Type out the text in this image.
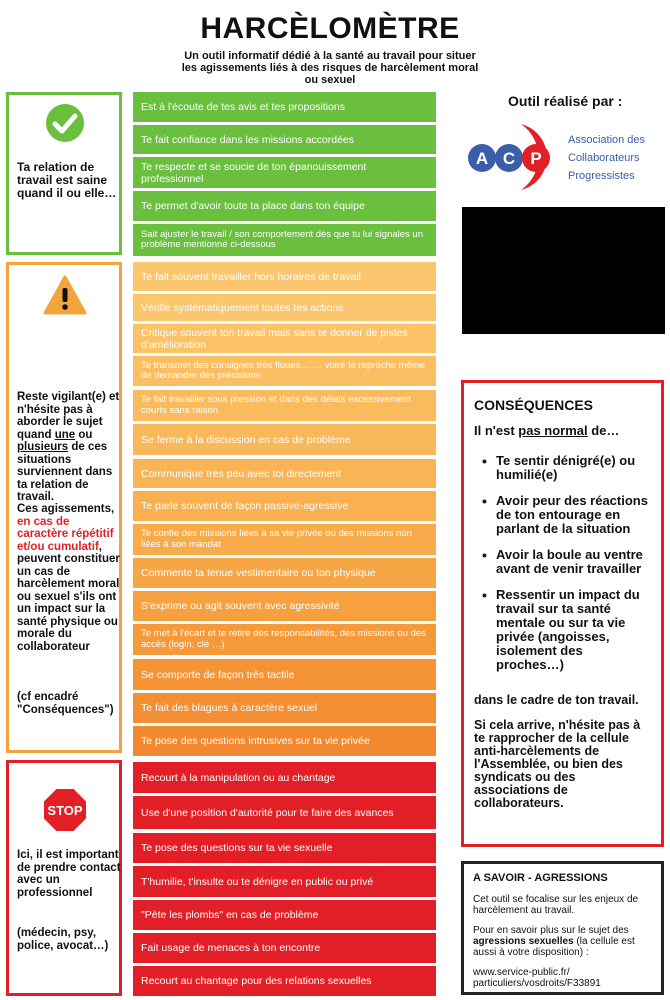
HARCÈLOMÈTRE
Un outil informatif dédié à la santé au travail pour situer les agissements liés à des risques de harcèlement moral ou sexuel
Ta relation de travail est saine quand il ou elle…
Reste vigilant(e) et n'hésite pas à aborder le sujet quand une ou plusieurs de ces situations surviennent dans ta relation de travail.
Ces agissements, en cas de caractère répétitif et/ou cumulatif, peuvent constituer un cas de harcèlement moral ou sexuel s'ils ont un impact sur la santé physique ou morale du collaborateur
(cf encadré "Conséquences")
STOP
Ici, il est important de prendre contact avec un professionnel
(médecin, psy, police, avocat…)
Est à l'écoute de tes avis et tes propositions
Te fait confiance dans les missions accordées
Te respecte et se soucie de ton épanouissement professionnel
Te permet d'avoir toute ta place dans ton équipe
Sait ajuster le travail / son comportement dès que tu lui signales un problème mentionné ci-dessous
Te fait souvent travailler hors horaires de travail
Vérifie systématiquement toutes tes actions
Critique souvent ton travail mais sans te donner de pistes d'amélioration
Te transmet des consignes très floues… … voire te reproche même de demander des précisions
Te fait travailler sous pression et dans des délais excessivement courts sans raison
Se ferme à la discussion en cas de problème
Communique très peu avec toi directement
Te parle souvent de façon passive-agressive
Te confie des missions liées à sa vie privée ou des missions non liées à son mandat
Commente ta tenue vestimentaire ou ton physique
S'exprime ou agit souvent avec agressivité
Te met à l'écart et te retire des responsabilités, des missions ou des accès (login, clé …)
Se comporte de façon très tactile
Te fait des blagues à caractère sexuel
Te pose des questions intrusives sur ta vie privée
Recourt à la manipulation ou au chantage
Use d'une position d'autorité pour te faire des avances
Te pose des questions sur ta vie sexuelle
T'humilie, t'insulte ou te dénigre en public ou privé
"Pète les plombs" en cas de problème
Fait usage de menaces à ton encontre
Recourt au chantage pour des relations sexuelles
Outil réalisé par :
A C P
Association des
Collaborateurs
Progressistes
CONSÉQUENCES
Il n'est pas normal de…
• Te sentir dénigré(e) ou humilié(e)
• Avoir peur des réactions de ton entourage en parlant de la situation
• Avoir la boule au ventre avant de venir travailler
• Ressentir un impact du travail sur ta santé mentale ou sur ta vie privée (angoisses, isolement des proches…)
dans le cadre de ton travail.
Si cela arrive, n'hésite pas à te rapprocher de la cellule anti-harcèlements de l'Assemblée, ou bien des syndicats ou des associations de collaborateurs.
A SAVOIR - AGRESSIONS

Cet outil se focalise sur les enjeux de harcèlement au travail.

Pour en savoir plus sur le sujet des agressions sexuelles (la cellule est aussi à votre disposition) :

www.service-public.fr/ particuliers/vosdroits/F33891
